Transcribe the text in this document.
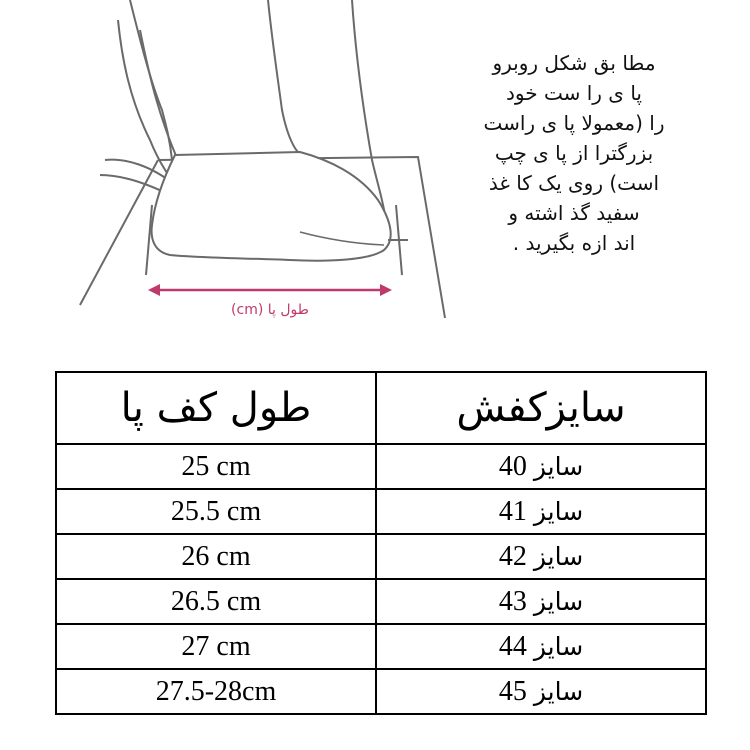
طول پا (cm)
مطا بق شکل روبرو
پا ی را ست خود
را (معمولا پا ی راست
بزرگترا از پا ی چپ
است) روی یک کا غذ
سفید گذ اشته و
اند ازه بگیرید .
طول کف پا	سایزکفش
25 cm	سایز 40
25.5 cm	سایز 41
26 cm	سایز 42
26.5 cm	سایز 43
27 cm	سایز 44
27.5-28cm	سایز 45
